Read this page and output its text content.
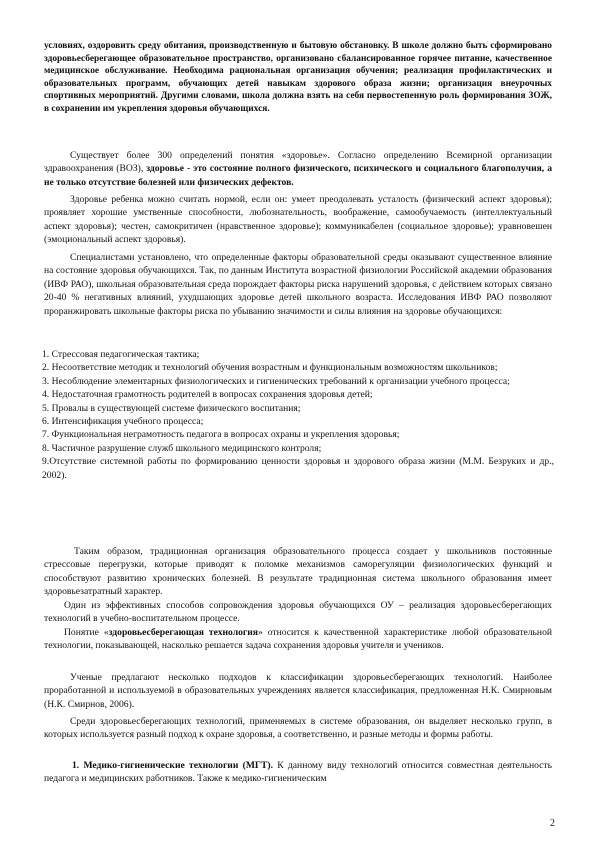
условиях, оздоровить среду обитания, производственную и бытовую обстановку. В школе должно быть сформировано здоровьесберегающее образовательное пространство, организовано сбалансированное горячее питание, качественное медицинское обслуживание. Необходима рациональная организация обучения; реализация профилактических и образовательных программ, обучающих детей навыкам здорового образа жизни; организация внеурочных спортивных мероприятий. Другими словами, школа должна взять на себя первостепенную роль формирования ЗОЖ, в сохранении им укрепления здоровья обучающихся.

Существует более 300 определений понятия «здоровье». Согласно определению Всемирной организации здравоохранения (ВОЗ), здоровье - это состояние полного физического, психического и социального благополучия, а не только отсутствие болезней или физических дефектов.

Здоровье ребенка можно считать нормой, если он: умеет преодолевать усталость (физический аспект здоровья); проявляет хорошие умственные способности, любознательность, воображение, самообучаемость (интеллектуальный аспект здоровья); честен, самокритичен (нравственное здоровье); коммуникабелен (социальное здоровье); уравновешен (эмоциональный аспект здоровья).

Специалистами установлено, что определенные факторы образовательной среды оказывают существенное влияние на состояние здоровья обучающихся. Так, по данным Института возрастной физиологии Российской академии образования (ИВФ РАО), школьная образовательная среда порождает факторы риска нарушений здоровья, с действием которых связано 20-40 % негативных влияний, ухудшающих здоровье детей школьного возраста. Исследования ИВФ РАО позволяют проранжировать школьные факторы риска по убыванию значимости и силы влияния на здоровье обучающихся:

1. Стрессовая педагогическая тактика;
2. Несоответствие методик и технологий обучения возрастным и функциональным возможностям школьников;
3. Несоблюдение элементарных физиологических и гигиенических требований к организации учебного процесса;
4. Недостаточная грамотность родителей в вопросах сохранения здоровья детей;
5. Провалы в существующей системе физического воспитания;
6. Интенсификация учебного процесса;
7. Функциональная неграмотность педагога в вопросах охраны и укрепления здоровья;
8. Частичное разрушение служб школьного медицинского контроля;
9.Отсутствие системной работы по формированию ценности здоровья и здорового образа жизни (М.М. Безруких и др., 2002).

Таким образом, традиционная организация образовательного процесса создает у школьников постоянные стрессовые перегрузки, которые приводят к поломке механизмов саморегуляции физиологических функций и способствуют развитию хронических болезней. В результате традиционная система школьного образования имеет здоровьезатратный характер.

Один из эффективных способов сопровождения здоровья обучающихся ОУ – реализация здоровьесберегающих технологий в учебно-воспитательном процессе.

Понятие «здоровьесберегающая технология» относится к качественной характеристике любой образовательной технологии, показывающей, насколько решается задача сохранения здоровья учителя и учеников.

Ученые предлагают несколько подходов к классификации здоровьесберегающих технологий. Наиболее проработанной и используемой в образовательных учреждениях является классификация, предложенная Н.К. Смирновым (Н.К. Смирнов, 2006).

Среди здоровьесберегающих технологий, применяемых в системе образования, он выделяет несколько групп, в которых используется разный подход к охране здоровья, а соответственно, и разные методы и формы работы.

1. Медико-гигиенические технологии (МГТ). К данному виду технологий относится совместная деятельность педагога и медицинских работников. Также к медико-гигиеническим

2
